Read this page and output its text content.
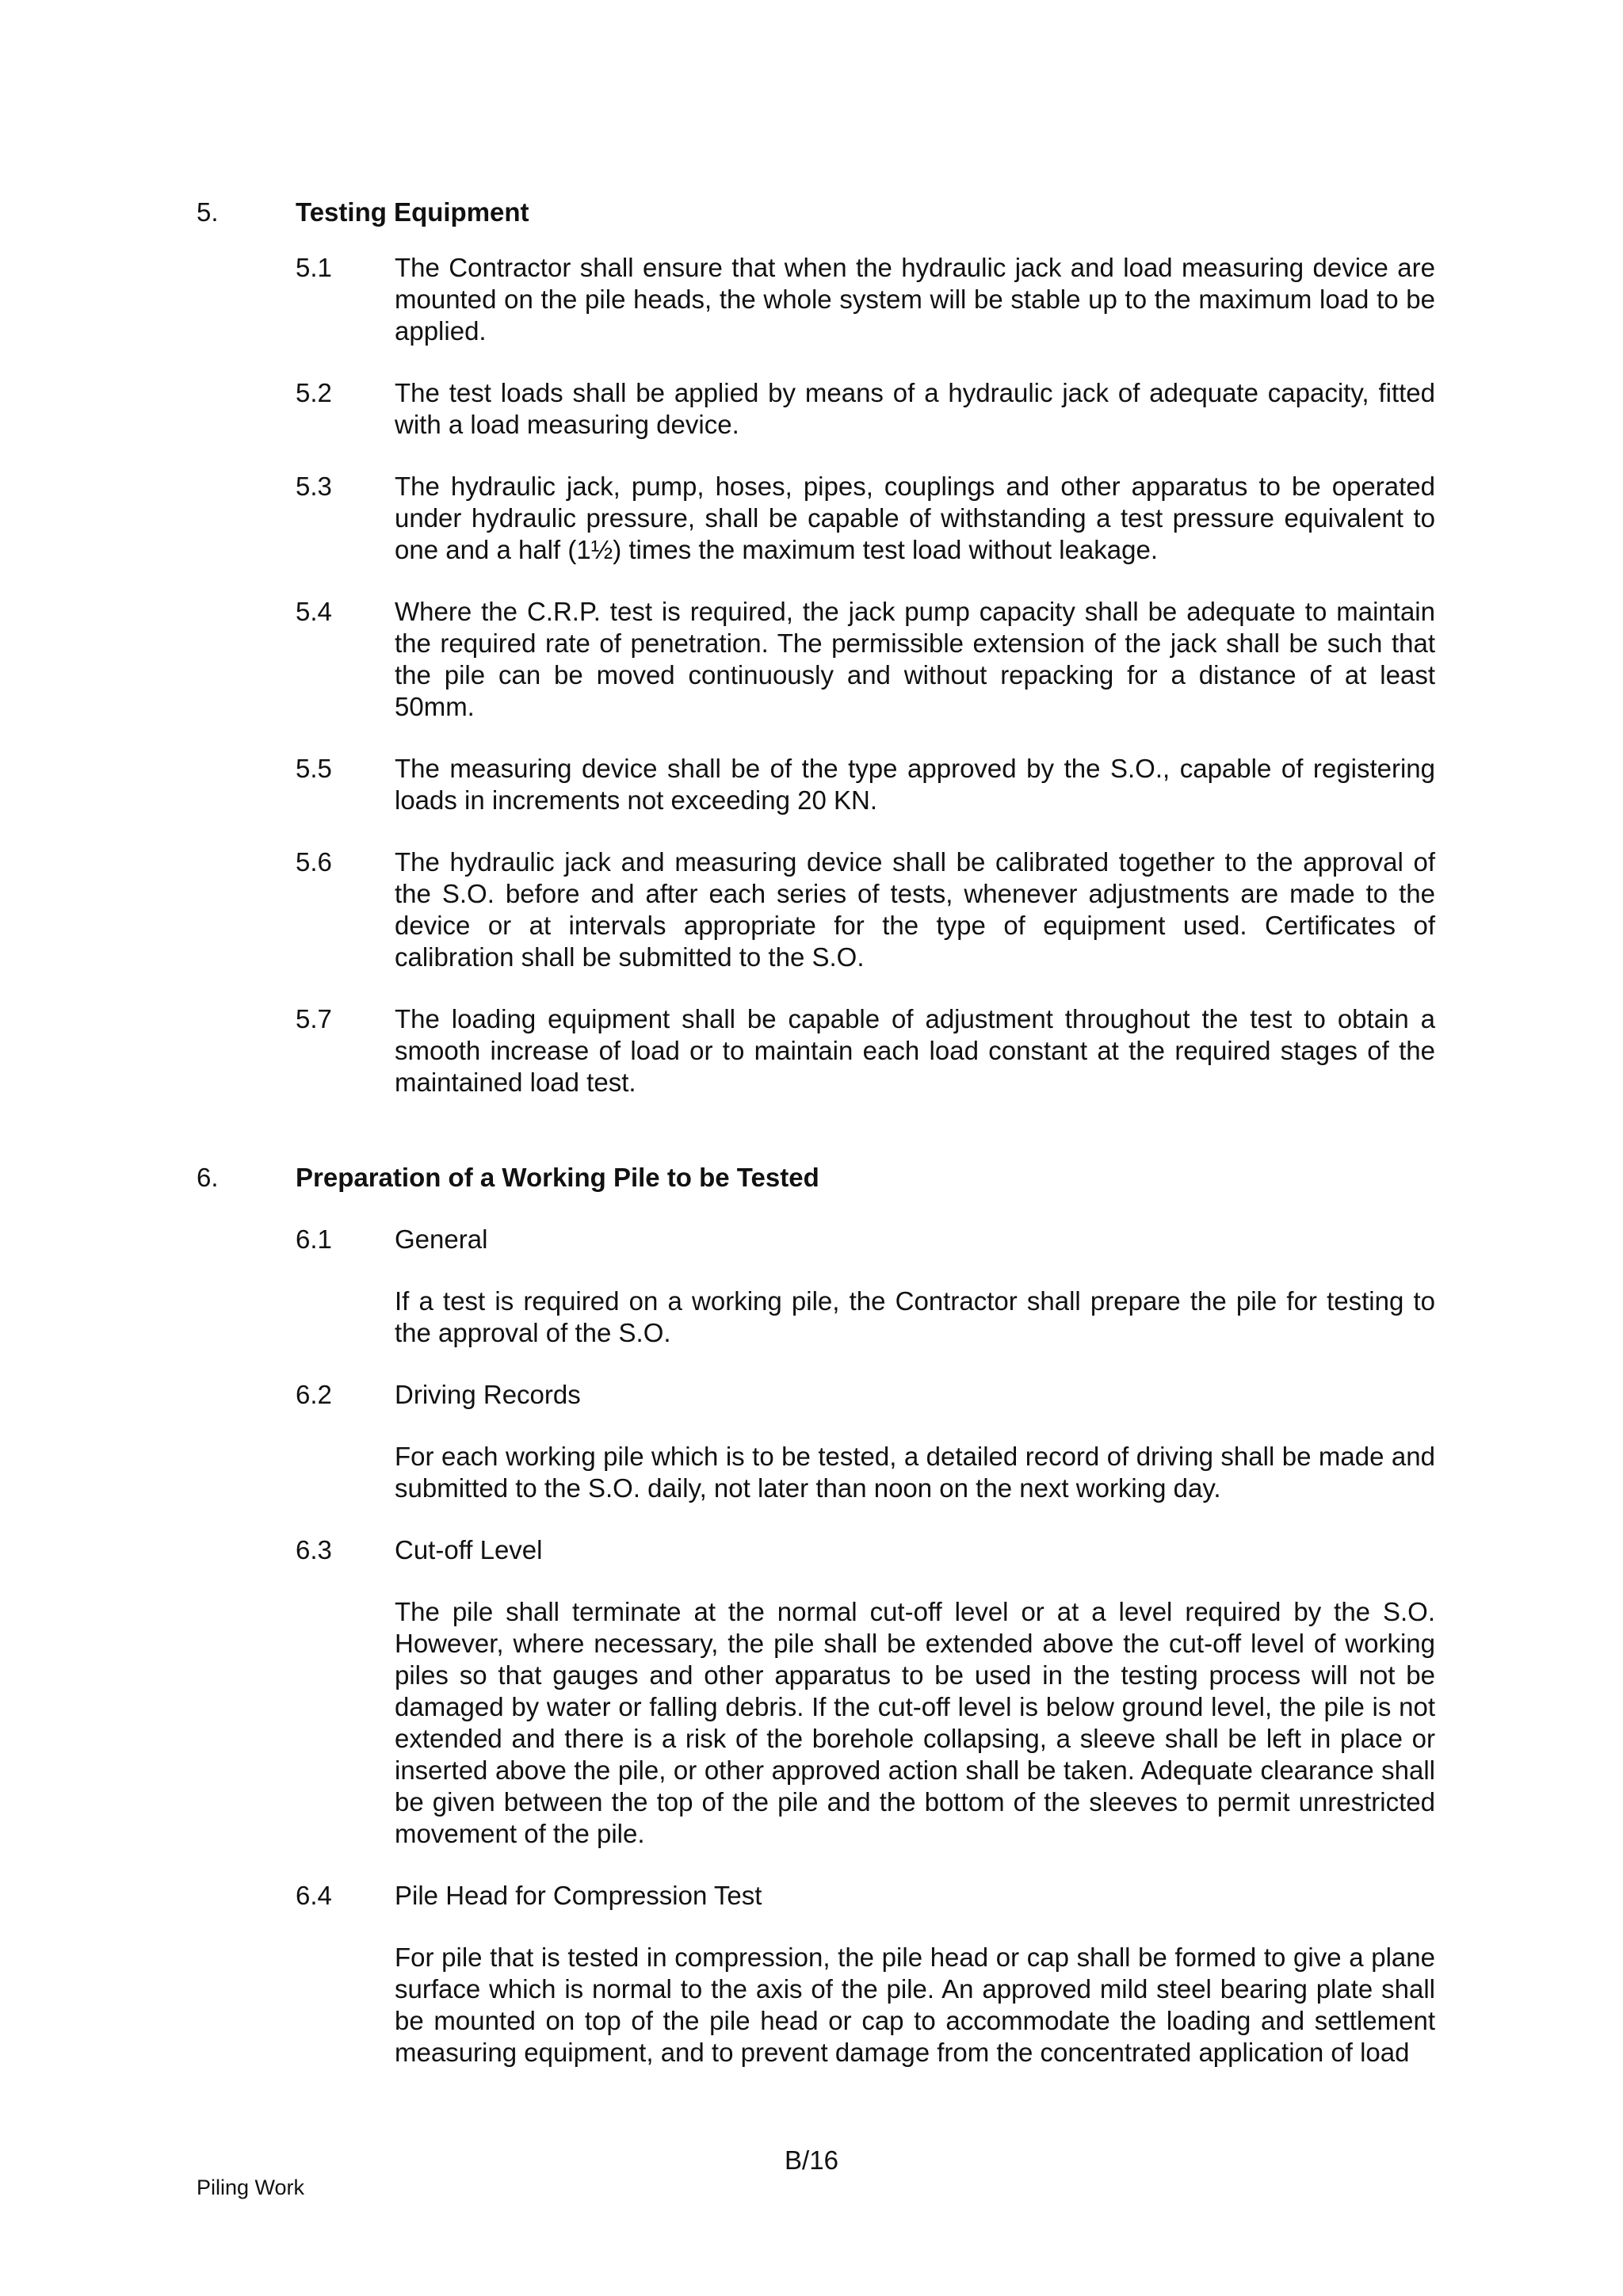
5.	Testing Equipment
5.1 The Contractor shall ensure that when the hydraulic jack and load measuring device are mounted on the pile heads, the whole system will be stable up to the maximum load to be applied.
5.2 The test loads shall be applied by means of a hydraulic jack of adequate capacity, fitted with a load measuring device.
5.3 The hydraulic jack, pump, hoses, pipes, couplings and other apparatus to be operated under hydraulic pressure, shall be capable of withstanding a test pressure equivalent to one and a half (1½) times the maximum test load without leakage.
5.4 Where the C.R.P. test is required, the jack pump capacity shall be adequate to maintain the required rate of penetration. The permissible extension of the jack shall be such that the pile can be moved continuously and without repacking for a distance of at least 50mm.
5.5 The measuring device shall be of the type approved by the S.O., capable of registering loads in increments not exceeding 20 KN.
5.6 The hydraulic jack and measuring device shall be calibrated together to the approval of the S.O. before and after each series of tests, whenever adjustments are made to the device or at intervals appropriate for the type of equipment used. Certificates of calibration shall be submitted to the S.O.
5.7 The loading equipment shall be capable of adjustment throughout the test to obtain a smooth increase of load or to maintain each load constant at the required stages of the maintained load test.
6.	Preparation of a Working Pile to be Tested
6.1 General
If a test is required on a working pile, the Contractor shall prepare the pile for testing to the approval of the S.O.
6.2 Driving Records
For each working pile which is to be tested, a detailed record of driving shall be made and submitted to the S.O. daily, not later than noon on the next working day.
6.3 Cut-off Level
The pile shall terminate at the normal cut-off level or at a level required by the S.O. However, where necessary, the pile shall be extended above the cut-off level of working piles so that gauges and other apparatus to be used in the testing process will not be damaged by water or falling debris. If the cut-off level is below ground level, the pile is not extended and there is a risk of the borehole collapsing, a sleeve shall be left in place or inserted above the pile, or other approved action shall be taken. Adequate clearance shall be given between the top of the pile and the bottom of the sleeves to permit unrestricted movement of the pile.
6.4 Pile Head for Compression Test
For pile that is tested in compression, the pile head or cap shall be formed to give a plane surface which is normal to the axis of the pile. An approved mild steel bearing plate shall be mounted on top of the pile head or cap to accommodate the loading and settlement measuring equipment, and to prevent damage from the concentrated application of load
B/16
Piling Work
